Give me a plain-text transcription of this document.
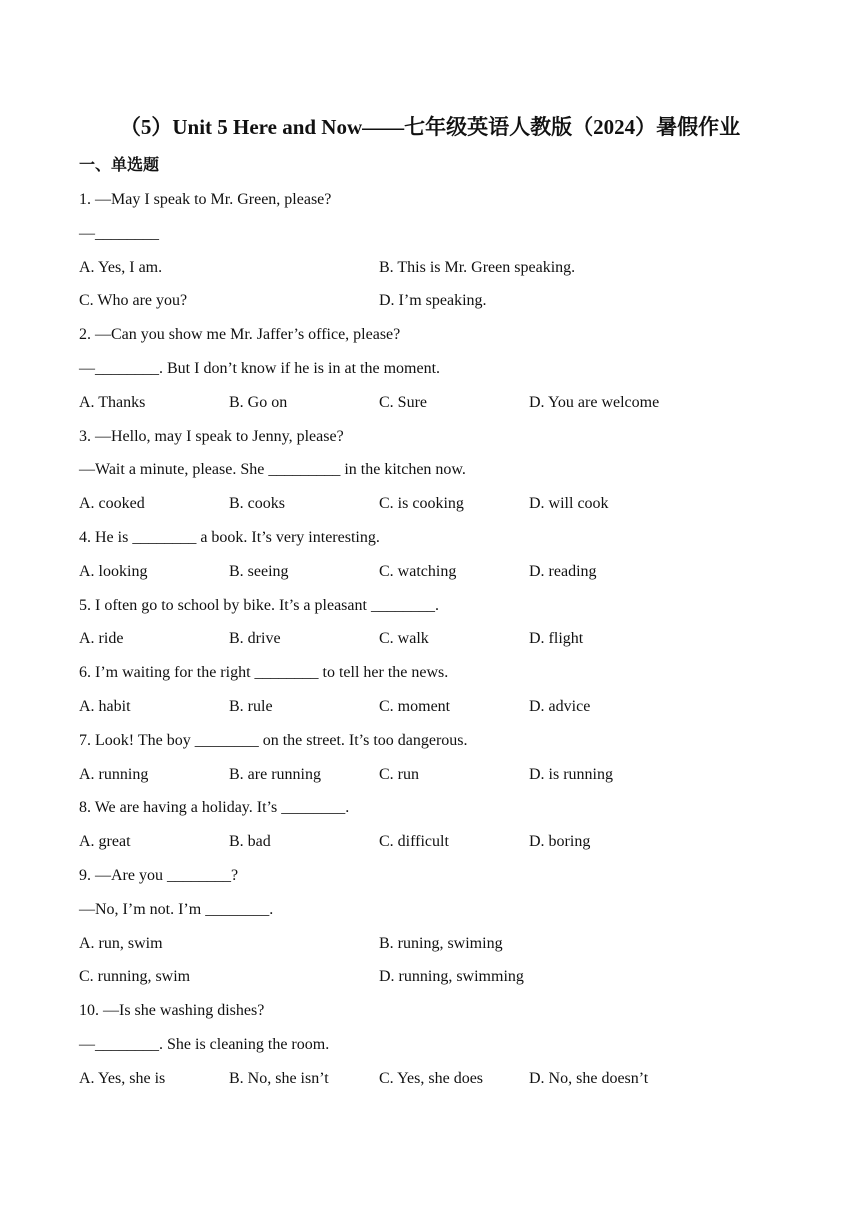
（5）Unit 5 Here and Now——七年级英语人教版（2024）暑假作业
一、单选题
1. —May I speak to Mr. Green, please?
—________
A. Yes, I am.	B. This is Mr. Green speaking.
C. Who are you?	D. I’m speaking.
2. —Can you show me Mr. Jaffer’s office, please?
—________. But I don’t know if he is in at the moment.
A. Thanks	B. Go on	C. Sure	D. You are welcome
3. —Hello, may I speak to Jenny, please?
—Wait a minute, please. She _________ in the kitchen now.
A. cooked	B. cooks	C. is cooking	D. will cook
4. He is ________ a book. It’s very interesting.
A. looking	B. seeing	C. watching	D. reading
5. I often go to school by bike. It’s a pleasant ________.
A. ride	B. drive	C. walk	D. flight
6. I’m waiting for the right ________ to tell her the news.
A. habit	B. rule	C. moment	D. advice
7. Look! The boy ________ on the street. It’s too dangerous.
A. running	B. are running	C. run	D. is running
8. We are having a holiday. It’s ________.
A. great	B. bad	C. difficult	D. boring
9. —Are you ________?
—No, I’m not. I’m ________.
A. run, swim	B. runing, swiming
C. running, swim	D. running, swimming
10. —Is she washing dishes?
—________. She is cleaning the room.
A. Yes, she is	B. No, she isn’t	C. Yes, she does	D. No, she doesn’t
